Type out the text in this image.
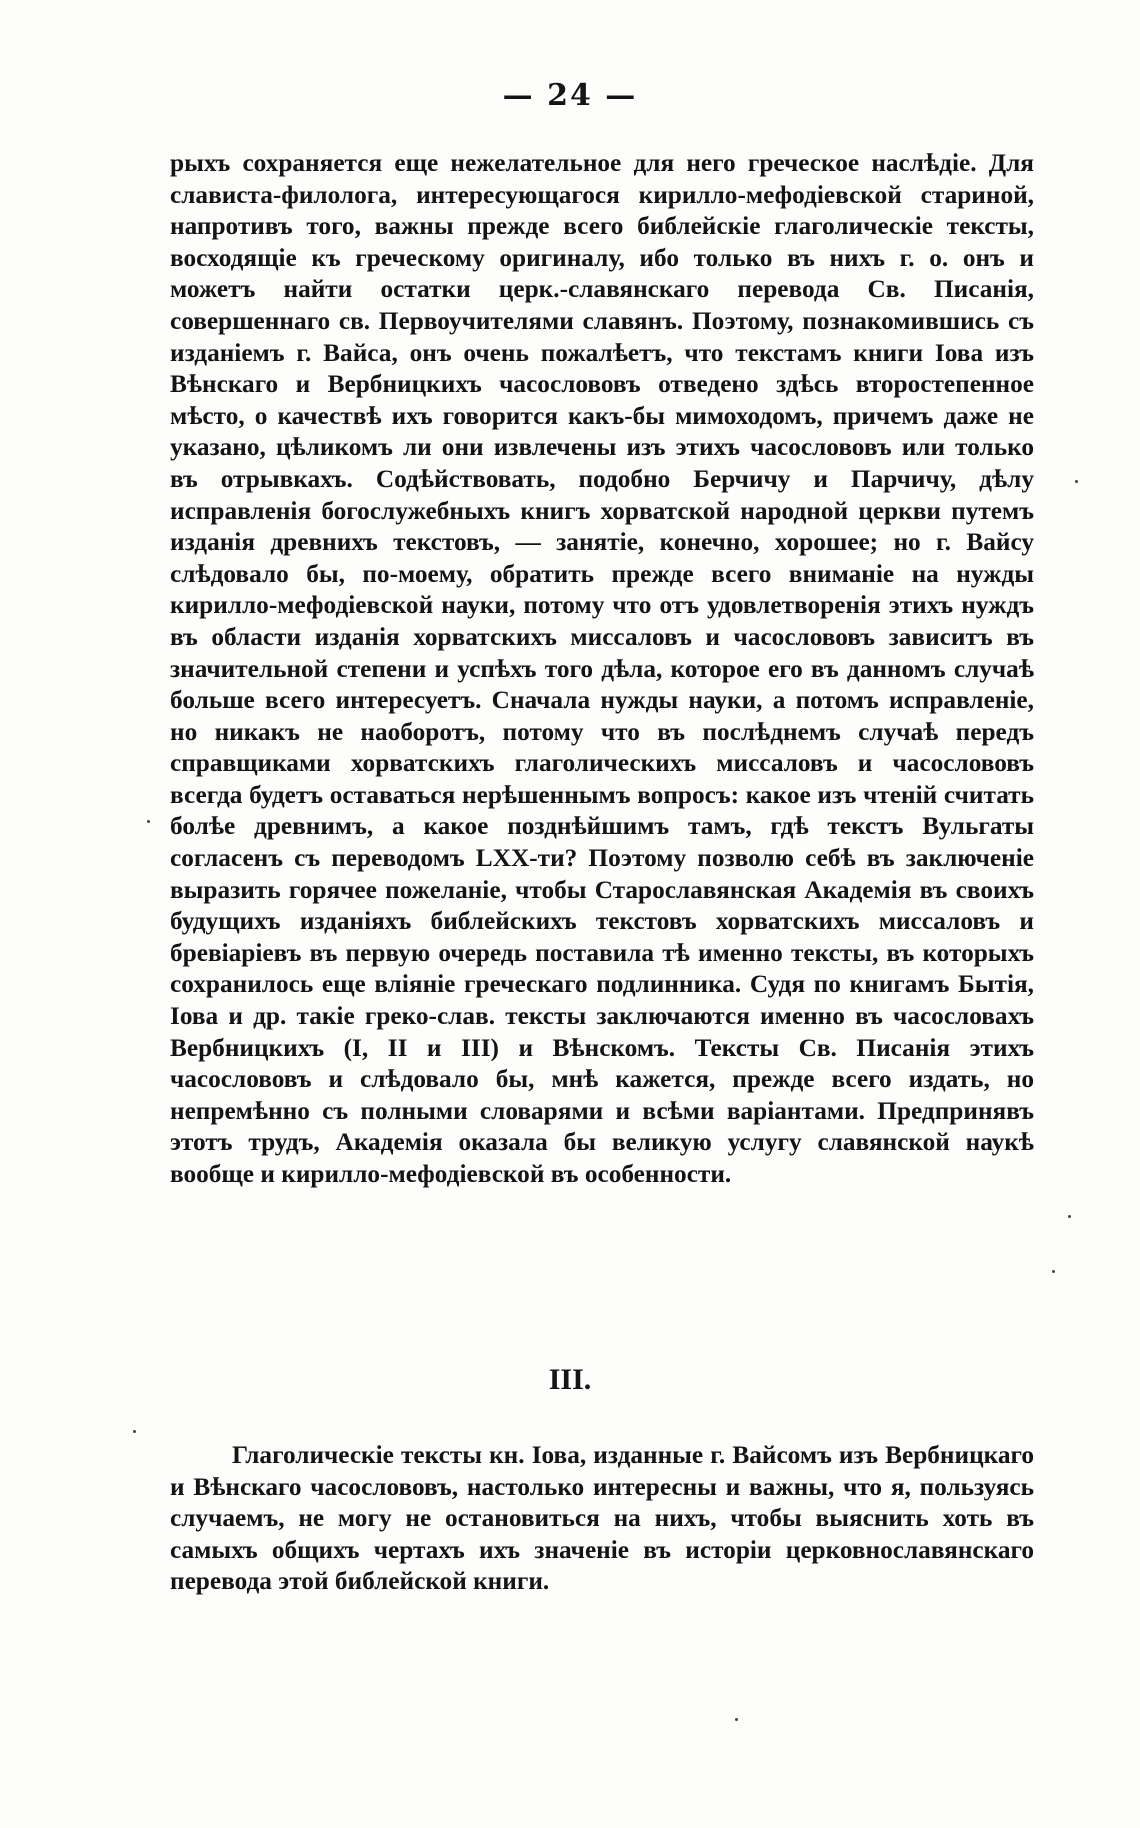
— 24 —

рыхъ сохраняется еще нежелательное для него греческое наслѣдіе. Для слависта-филолога, интересующагося кирилло-мефодіевской стариной, напротивъ того, важны прежде всего библейскіе глаголическіе тексты, восходящіе къ греческому оригиналу, ибо только въ нихъ г. о. онъ и можетъ найти остатки церк.-славянскаго перевода Св. Писанія, совершеннаго св. Первоучителями славянъ. Поэтому, познакомившись съ изданіемъ г. Вайса, онъ очень пожалѣетъ, что текстамъ книги Іова изъ Вѣнскаго и Вербницкихъ часослововъ отведено здѣсь второстепенное мѣсто, о качествѣ ихъ говорится какъ-бы мимоходомъ, причемъ даже не указано, цѣликомъ ли они извлечены изъ этихъ часослововъ или только въ отрывкахъ. Содѣйствовать, подобно Берчичу и Парчичу, дѣлу исправленія богослужебныхъ книгъ хорватской народной церкви путемъ изданія древнихъ текстовъ, — занятіе, конечно, хорошее; но г. Вайсу слѣдовало бы, по-моему, обратить прежде всего вниманіе на нужды кирилло-мефодіевской науки, потому что отъ удовлетворенія этихъ нуждъ въ области изданія хорватскихъ миссаловъ и часослововъ зависитъ въ значительной степени и успѣхъ того дѣла, которое его въ данномъ случаѣ больше всего интересуетъ. Сначала нужды науки, а потомъ исправленіе, но никакъ не наоборотъ, потому что въ послѣднемъ случаѣ передъ справщиками хорватскихъ глаголическихъ миссаловъ и часослововъ всегда будетъ оставаться нерѣшеннымъ вопросъ: какое изъ чтеній считать болѣе древнимъ, а какое позднѣйшимъ тамъ, гдѣ текстъ Вульгаты согласенъ съ переводомъ LXX-ти? Поэтому позволю себѣ въ заключеніе выразить горячее пожеланіе, чтобы Старославянская Академія въ своихъ будущихъ изданіяхъ библейскихъ текстовъ хорватскихъ миссаловъ и бревіаріевъ въ первую очередь поставила тѣ именно тексты, въ которыхъ сохранилось еще вліяніе греческаго подлинника. Судя по книгамъ Бытія, Іова и др. такіе греко-слав. тексты заключаются именно въ часословахъ Вербницкихъ (I, II и III) и Вѣнскомъ. Тексты Св. Писанія этихъ часослововъ и слѣдовало бы, мнѣ кажется, прежде всего издать, но непремѣнно съ полными словарями и всѣми варіантами. Предпринявъ этотъ трудъ, Академія оказала бы великую услугу славянской наукѣ вообще и кирилло-мефодіевской въ особенности.

III.

Глаголическіе тексты кн. Іова, изданные г. Вайсомъ изъ Вербницкаго и Вѣнскаго часослововъ, настолько интересны и важны, что я, пользуясь случаемъ, не могу не остановиться на нихъ, чтобы выяснить хоть въ самыхъ общихъ чертахъ ихъ значеніе въ исторіи церковнославянскаго перевода этой библейской книги.
